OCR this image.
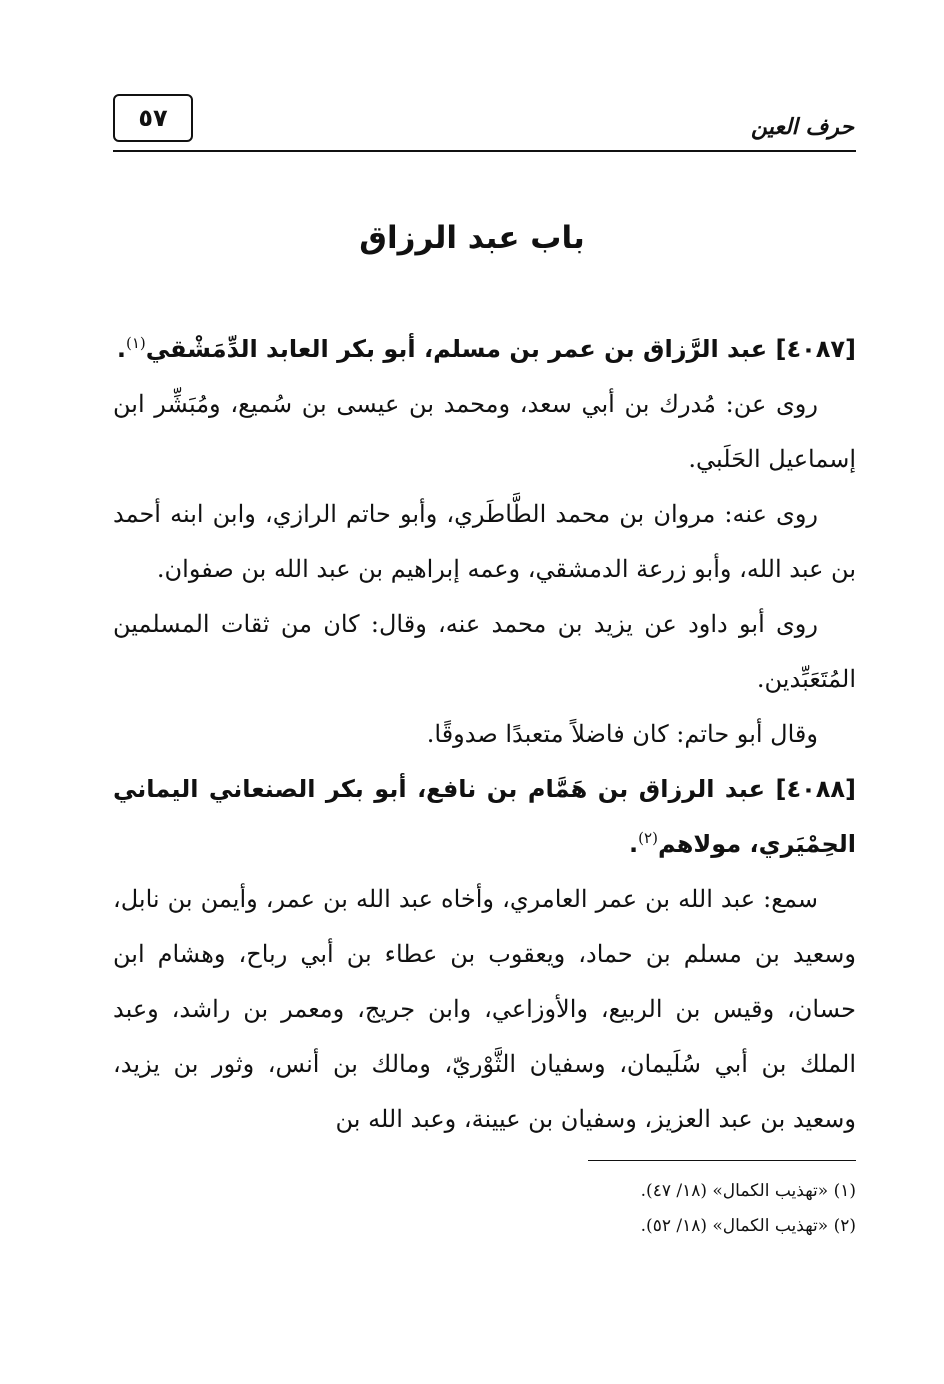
٥٧	حرف العين
باب عبد الرزاق

[٤٠٨٧] عبد الرَّزاق بن عمر بن مسلم، أبو بكر العابد الدِّمَشْقي$^{(١)}$.

روى عن: مُدرك بن أبي سعد، ومحمد بن عيسى بن سُميع، ومُبَشِّر ابن إسماعيل الحَلَبي.

روى عنه: مروان بن محمد الطَّاطَري، وأبو حاتم الرازي، وابن ابنه أحمد بن عبد الله، وأبو زرعة الدمشقي، وعمه إبراهيم بن عبد الله بن صفوان.

روى أبو داود عن يزيد بن محمد عنه، وقال: كان من ثقات المسلمين المُتَعَبِّدين.

وقال أبو حاتم: كان فاضلاً متعبدًا صدوقًا.

[٤٠٨٨] عبد الرزاق بن هَمَّام بن نافع، أبو بكر الصنعاني اليماني الحِمْيَري، مولاهم$^{(٢)}$.

سمع: عبد الله بن عمر العامري، وأخاه عبد الله بن عمر، وأيمن بن نابل، وسعيد بن مسلم بن حماد، ويعقوب بن عطاء بن أبي رباح، وهشام ابن حسان، وقيس بن الربيع، والأوزاعي، وابن جريج، ومعمر بن راشد، وعبد الملك بن أبي سُلَيمان، وسفيان الثَّوْريّ، ومالك بن أنس، وثور بن يزيد، وسعيد بن عبد العزيز، وسفيان بن عيينة، وعبد الله بن

(١) «تهذيب الكمال» (١٨/ ٤٧).
(٢) «تهذيب الكمال» (١٨/ ٥٢).
